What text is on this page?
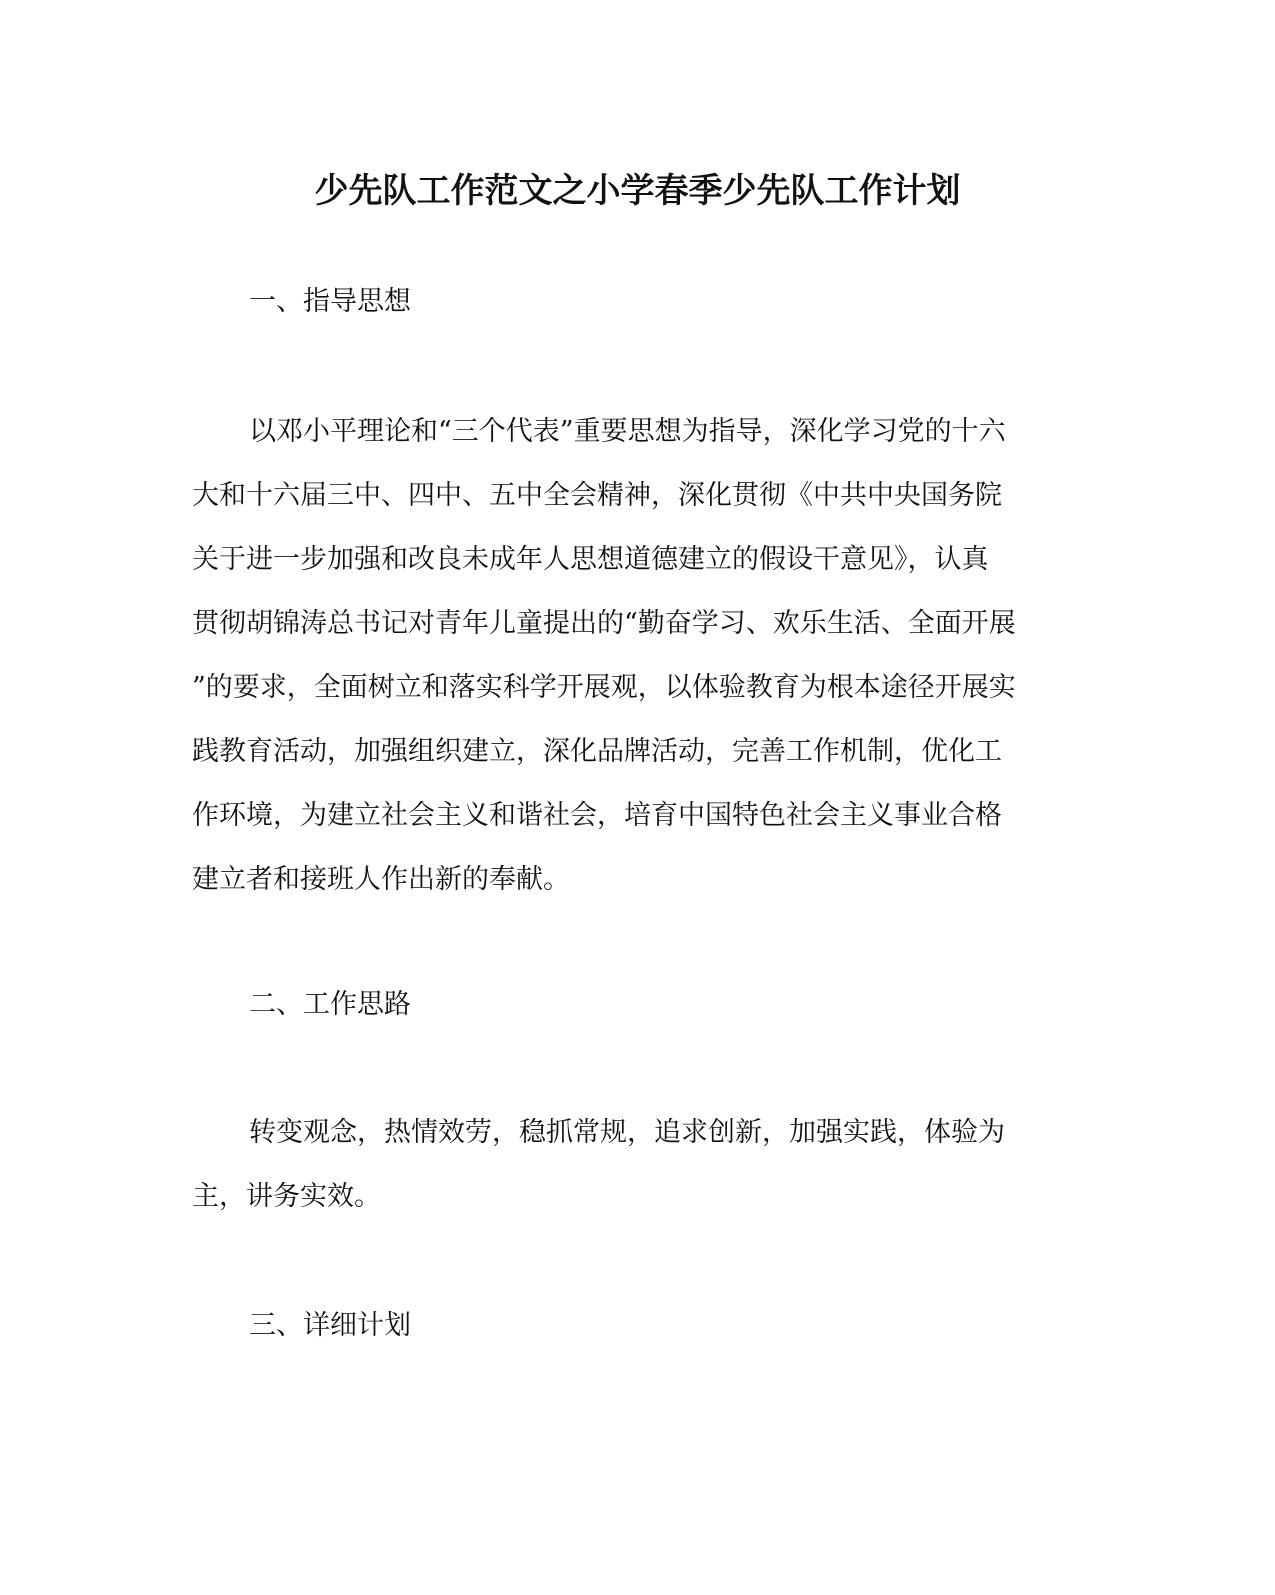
少先队工作范文之小学春季少先队工作计划
一、指导思想
以邓小平理论和“三个代表”重要思想为指导，深化学习党的十六
大和十六届三中、四中、五中全会精神，深化贯彻《中共中央国务院
关于进一步加强和改良未成年人思想道德建立的假设干意见》，认真
贯彻胡锦涛总书记对青年儿童提出的“勤奋学习、欢乐生活、全面开展
”的要求，全面树立和落实科学开展观，以体验教育为根本途径开展实
践教育活动，加强组织建立，深化品牌活动，完善工作机制，优化工
作环境，为建立社会主义和谐社会，培育中国特色社会主义事业合格
建立者和接班人作出新的奉献。
二、工作思路
转变观念，热情效劳，稳抓常规，追求创新，加强实践，体验为
主，讲务实效。
三、详细计划
